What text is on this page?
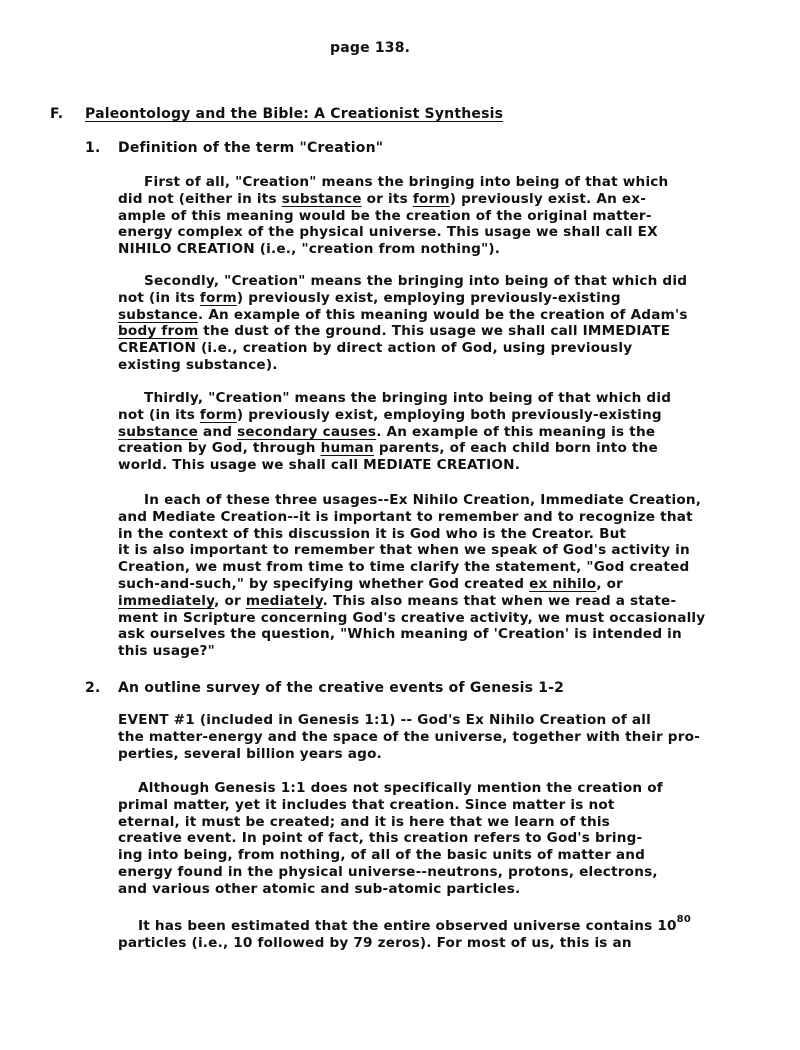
page 138.
F. Paleontology and the Bible: A Creationist Synthesis
1. Definition of the term "Creation"
First of all, "Creation" means the bringing into being of that which
did not (either in its substance or its form) previously exist. An ex-
ample of this meaning would be the creation of the original matter-
energy complex of the physical universe. This usage we shall call EX
NIHILO CREATION (i.e., "creation from nothing").
Secondly, "Creation" means the bringing into being of that which did
not (in its form) previously exist, employing previously-existing
substance. An example of this meaning would be the creation of Adam's
body from the dust of the ground. This usage we shall call IMMEDIATE
CREATION (i.e., creation by direct action of God, using previously
existing substance).
Thirdly, "Creation" means the bringing into being of that which did
not (in its form) previously exist, employing both previously-existing
substance and secondary causes. An example of this meaning is the
creation by God, through human parents, of each child born into the
world. This usage we shall call MEDIATE CREATION.
In each of these three usages--Ex Nihilo Creation, Immediate Creation,
and Mediate Creation--it is important to remember and to recognize that
in the context of this discussion it is God who is the Creator. But
it is also important to remember that when we speak of God's activity in
Creation, we must from time to time clarify the statement, "God created
such-and-such," by specifying whether God created ex nihilo, or
immediately, or mediately. This also means that when we read a state-
ment in Scripture concerning God's creative activity, we must occasionally
ask ourselves the question, "Which meaning of 'Creation' is intended in
this usage?"
2. An outline survey of the creative events of Genesis 1-2
EVENT #1 (included in Genesis 1:1) -- God's Ex Nihilo Creation of all
the matter-energy and the space of the universe, together with their pro-
perties, several billion years ago.
Although Genesis 1:1 does not specifically mention the creation of
primal matter, yet it includes that creation. Since matter is not
eternal, it must be created; and it is here that we learn of this
creative event. In point of fact, this creation refers to God's bring-
ing into being, from nothing, of all of the basic units of matter and
energy found in the physical universe--neutrons, protons, electrons,
and various other atomic and sub-atomic particles.
It has been estimated that the entire observed universe contains $10^{80}$
particles (i.e., 10 followed by 79 zeros). For most of us, this is an
